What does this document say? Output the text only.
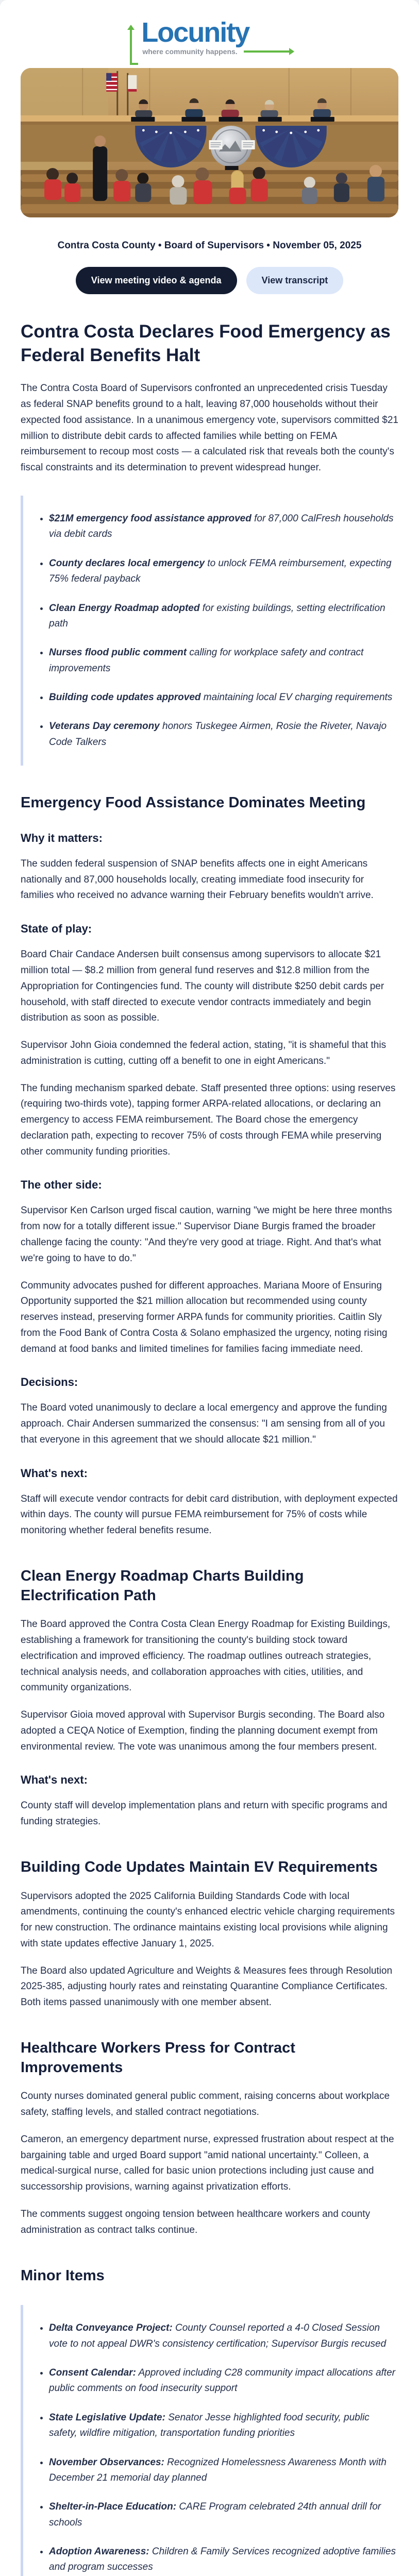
Locunity
where community happens.
Contra Costa County • Board of Supervisors • November 05, 2025
View meeting video & agenda	View transcript
Contra Costa Declares Food Emergency as Federal Benefits Halt

The Contra Costa Board of Supervisors confronted an unprecedented crisis Tuesday as federal SNAP benefits ground to a halt, leaving 87,000 households without their expected food assistance. In a unanimous emergency vote, supervisors committed $21 million to distribute debit cards to affected families while betting on FEMA reimbursement to recoup most costs — a calculated risk that reveals both the county's fiscal constraints and its determination to prevent widespread hunger.

• $21M emergency food assistance approved for 87,000 CalFresh households via debit cards
• County declares local emergency to unlock FEMA reimbursement, expecting 75% federal payback
• Clean Energy Roadmap adopted for existing buildings, setting electrification path
• Nurses flood public comment calling for workplace safety and contract improvements
• Building code updates approved maintaining local EV charging requirements
• Veterans Day ceremony honors Tuskegee Airmen, Rosie the Riveter, Navajo Code Talkers
Emergency Food Assistance Dominates Meeting
Why it matters:

The sudden federal suspension of SNAP benefits affects one in eight Americans nationally and 87,000 households locally, creating immediate food insecurity for families who received no advance warning their February benefits wouldn't arrive.

State of play:

Board Chair Candace Andersen built consensus among supervisors to allocate $21 million total — $8.2 million from general fund reserves and $12.8 million from the Appropriation for Contingencies fund. The county will distribute $250 debit cards per household, with staff directed to execute vendor contracts immediately and begin distribution as soon as possible.

Supervisor John Gioia condemned the federal action, stating, "it is shameful that this administration is cutting, cutting off a benefit to one in eight Americans."

The funding mechanism sparked debate. Staff presented three options: using reserves (requiring two-thirds vote), tapping former ARPA-related allocations, or declaring an emergency to access FEMA reimbursement. The Board chose the emergency declaration path, expecting to recover 75% of costs through FEMA while preserving other community funding priorities.

The other side:

Supervisor Ken Carlson urged fiscal caution, warning "we might be here three months from now for a totally different issue." Supervisor Diane Burgis framed the broader challenge facing the county: "And they're very good at triage. Right. And that's what we're going to have to do."

Community advocates pushed for different approaches. Mariana Moore of Ensuring Opportunity supported the $21 million allocation but recommended using county reserves instead, preserving former ARPA funds for community priorities. Caitlin Sly from the Food Bank of Contra Costa & Solano emphasized the urgency, noting rising demand at food banks and limited timelines for families facing immediate need.

Decisions:

The Board voted unanimously to declare a local emergency and approve the funding approach. Chair Andersen summarized the consensus: "I am sensing from all of you that everyone in this agreement that we should allocate $21 million."

What's next:

Staff will execute vendor contracts for debit card distribution, with deployment expected within days. The county will pursue FEMA reimbursement for 75% of costs while monitoring whether federal benefits resume.

Clean Energy Roadmap Charts Building Electrification Path

The Board approved the Contra Costa Clean Energy Roadmap for Existing Buildings, establishing a framework for transitioning the county's building stock toward electrification and improved efficiency. The roadmap outlines outreach strategies, technical analysis needs, and collaboration approaches with cities, utilities, and community organizations.

Supervisor Gioia moved approval with Supervisor Burgis seconding. The Board also adopted a CEQA Notice of Exemption, finding the planning document exempt from environmental review. The vote was unanimous among the four members present.

What's next:

County staff will develop implementation plans and return with specific programs and funding strategies.

Building Code Updates Maintain EV Requirements

Supervisors adopted the 2025 California Building Standards Code with local amendments, continuing the county's enhanced electric vehicle charging requirements for new construction. The ordinance maintains existing local provisions while aligning with state updates effective January 1, 2025.

The Board also updated Agriculture and Weights & Measures fees through Resolution 2025-385, adjusting hourly rates and reinstating Quarantine Compliance Certificates. Both items passed unanimously with one member absent.

Healthcare Workers Press for Contract Improvements

County nurses dominated general public comment, raising concerns about workplace safety, staffing levels, and stalled contract negotiations.

Cameron, an emergency department nurse, expressed frustration about respect at the bargaining table and urged Board support "amid national uncertainty." Colleen, a medical-surgical nurse, called for basic union protections including just cause and successorship provisions, warning against privatization efforts.

The comments suggest ongoing tension between healthcare workers and county administration as contract talks continue.

Minor Items
• Delta Conveyance Project: County Counsel reported a 4-0 Closed Session vote to not appeal DWR's consistency certification; Supervisor Burgis recused
• Consent Calendar: Approved including C28 community impact allocations after public comments on food insecurity support
• State Legislative Update: Senator Jesse highlighted food security, public safety, wildfire mitigation, transportation funding priorities
• November Observances: Recognized Homelessness Awareness Month with December 21 memorial day planned
• Shelter-in-Place Education: CARE Program celebrated 24th annual drill for schools
• Adoption Awareness: Children & Family Services recognized adoptive families and program successes
